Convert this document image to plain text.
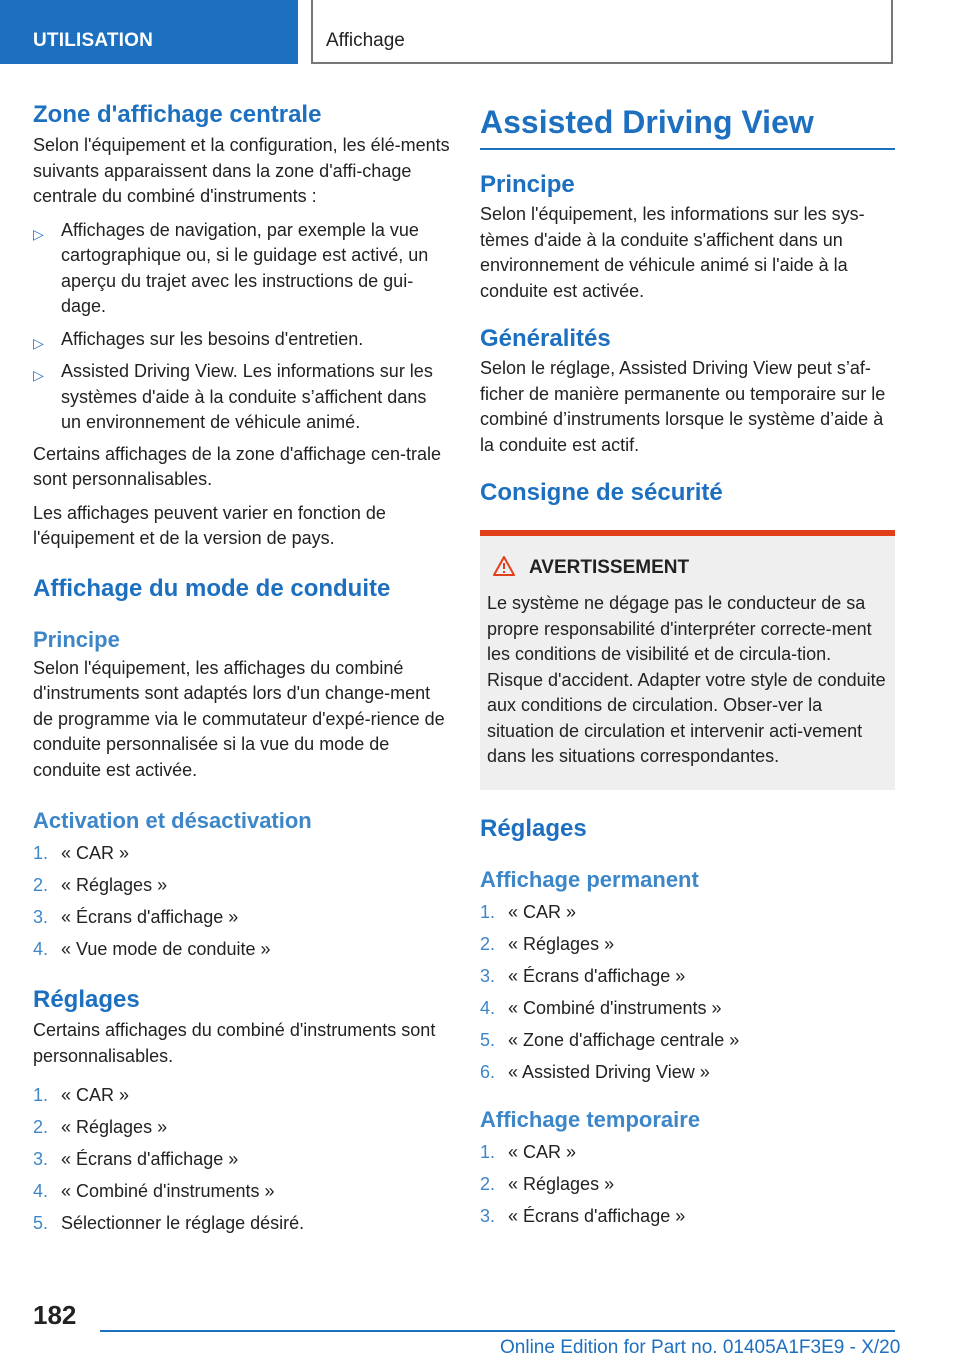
UTILISATION	Affichage
Zone d'affichage centrale

Selon l'équipement et la configuration, les élé-ments suivants apparaissent dans la zone d'affi-chage centrale du combiné d'instruments :

▷ Affichages de navigation, par exemple la vue cartographique ou, si le guidage est activé, un aperçu du trajet avec les instructions de gui-dage.
▷ Affichages sur les besoins d'entretien.
▷ Assisted Driving View. Les informations sur les systèmes d'aide à la conduite s’affichent dans un environnement de véhicule animé.

Certains affichages de la zone d'affichage cen-trale sont personnalisables.

Les affichages peuvent varier en fonction de l'équipement et de la version de pays.

Affichage du mode de conduite
Principe

Selon l'équipement, les affichages du combiné d'instruments sont adaptés lors d'un change-ment de programme via le commutateur d'expé-rience de conduite personnalisée si la vue du mode de conduite est activée.

Activation et désactivation
1. « CAR »
2. « Réglages »
3. « Écrans d'affichage »
4. « Vue mode de conduite »
Réglages

Certains affichages du combiné d'instruments sont personnalisables.

1. « CAR »
2. « Réglages »
3. « Écrans d'affichage »
4. « Combiné d'instruments »
5. Sélectionner le réglage désiré.
Assisted Driving View
Principe

Selon l'équipement, les informations sur les sys-tèmes d'aide à la conduite s'affichent dans un environnement de véhicule animé si l'aide à la conduite est activée.

Généralités

Selon le réglage, Assisted Driving View peut s’af-ficher de manière permanente ou temporaire sur le combiné d’instruments lorsque le système d’aide à la conduite est actif.

Consigne de sécurité
AVERTISSEMENT

Le système ne dégage pas le conducteur de sa propre responsabilité d'interpréter correcte-ment les conditions de visibilité et de circula-tion. Risque d'accident. Adapter votre style de conduite aux conditions de circulation. Obser-ver la situation de circulation et intervenir acti-vement dans les situations correspondantes.

Réglages
Affichage permanent
1. « CAR »
2. « Réglages »
3. « Écrans d'affichage »
4. « Combiné d'instruments »
5. « Zone d'affichage centrale »
6. « Assisted Driving View »
Affichage temporaire
1. « CAR »
2. « Réglages »
3. « Écrans d'affichage »
182
Online Edition for Part no. 01405A1F3E9 - X/20
